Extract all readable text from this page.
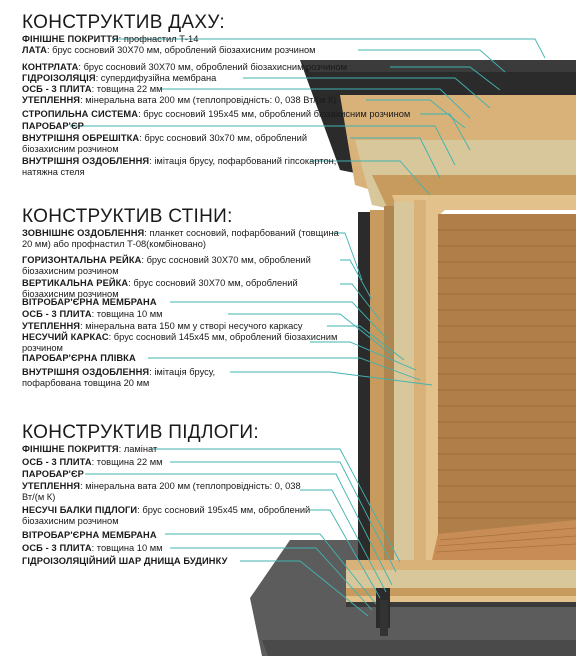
КОНСТРУКТИВ ДАХУ:
ФІНІШНЕ ПОКРИТТЯ: профнастил Т-14
ЛАТА: брус сосновий 30Х70 мм, оброблений біозахисним розчином
КОНТРЛАТА: брус сосновий 30Х70 мм, оброблений біозахисним розчином
ГІДРОІЗОЛЯЦІЯ: супердифузійна мембрана
ОСБ - 3 ПЛИТА: товщина 22 мм
УТЕПЛЕННЯ: мінеральна вата 200 мм (теплопровідність: 0, 038 Вт/(м К)
СТРОПИЛЬНА СИСТЕМА: брус сосновий 195х45 мм, оброблений біозахисним розчином
ПАРОБАР'ЄР
ВНУТРІШНЯ ОБРЕШІТКА: брус сосновий 30х70 мм, оброблений біозахисним розчином
ВНУТРІШНЯ ОЗДОБЛЕННЯ: імітація брусу, пофарбований гіпсокартон, натяжна стеля
КОНСТРУКТИВ СТІНИ:
ЗОВНІШНЄ ОЗДОБЛЕННЯ: планкет сосновий, пофарбований (товщина 20 мм) або профнастил Т-08(комбіновано)
ГОРИЗОНТАЛЬНА РЕЙКА: брус сосновий 30Х70 мм, оброблений біозахисним розчином
ВЕРТИКАЛЬНА РЕЙКА: брус сосновий 30Х70 мм, оброблений біозахисним розчином
ВІТРОБАР'ЄРНА МЕМБРАНА
ОСБ - 3 ПЛИТА: товщина 10 мм
УТЕПЛЕННЯ: мінеральна вата 150 мм у створі несучого каркасу
НЕСУЧИЙ КАРКАС: брус сосновий 145х45 мм, оброблений біозахисним розчином
ПАРОБАР'ЄРНА ПЛІВКА
ВНУТРІШНЯ ОЗДОБЛЕННЯ: імітація брусу, пофарбована товщина 20 мм
КОНСТРУКТИВ ПІДЛОГИ:
ФІНІШНЕ ПОКРИТТЯ: ламінат
ОСБ - 3 ПЛИТА: товщина 22 мм
ПАРОБАР'ЄР
УТЕПЛЕННЯ: мінеральна вата 200 мм (теплопровідність: 0, 038 Вт/(м К)
НЕСУЧІ БАЛКИ ПІДЛОГИ: брус сосновий 195х45 мм, оброблений біозахисним розчином
ВІТРОБАР'ЄРНА МЕМБРАНА
ОСБ - 3 ПЛИТА: товщина 10 мм
ГІДРОІЗОЛЯЦІЙНИЙ ШАР ДНИЩА БУДИНКУ
